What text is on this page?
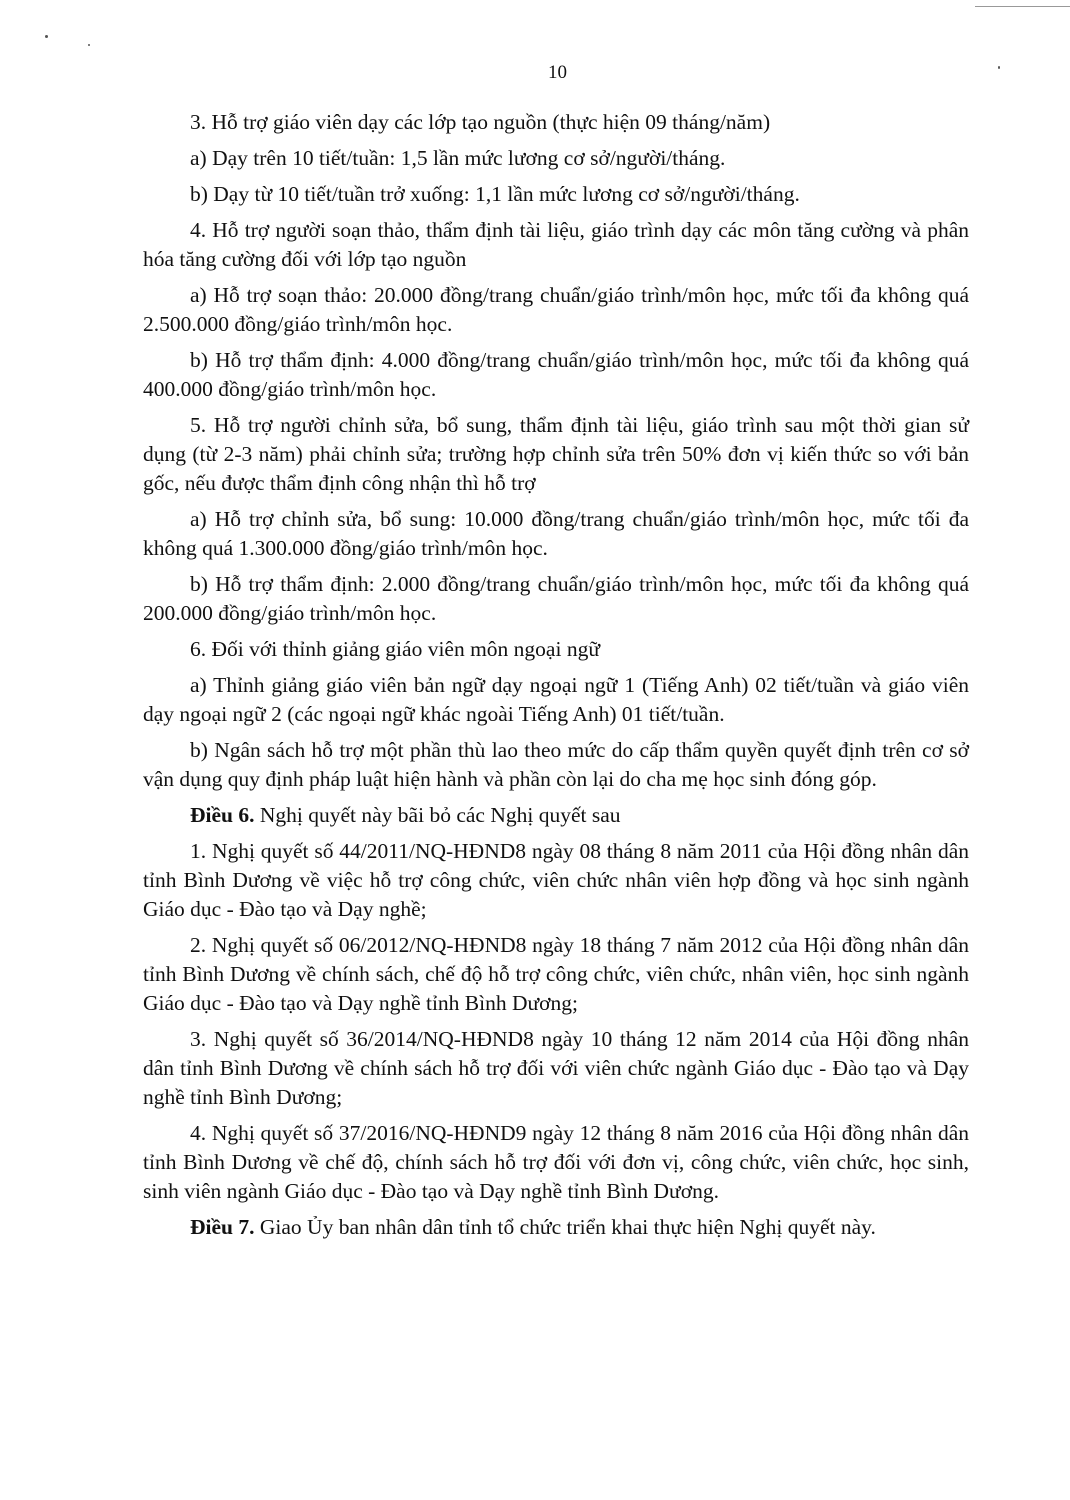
10

3. Hỗ trợ giáo viên dạy các lớp tạo nguồn (thực hiện 09 tháng/năm)

a) Dạy trên 10 tiết/tuần: 1,5 lần mức lương cơ sở/người/tháng.

b) Dạy từ 10 tiết/tuần trở xuống: 1,1 lần mức lương cơ sở/người/tháng.

4. Hỗ trợ người soạn thảo, thẩm định tài liệu, giáo trình dạy các môn tăng cường và phân hóa tăng cường đối với lớp tạo nguồn

a) Hỗ trợ soạn thảo: 20.000 đồng/trang chuẩn/giáo trình/môn học, mức tối đa không quá 2.500.000 đồng/giáo trình/môn học.

b) Hỗ trợ thẩm định: 4.000 đồng/trang chuẩn/giáo trình/môn học, mức tối đa không quá 400.000 đồng/giáo trình/môn học.

5. Hỗ trợ người chỉnh sửa, bổ sung, thẩm định tài liệu, giáo trình sau một thời gian sử dụng (từ 2-3 năm) phải chỉnh sửa; trường hợp chỉnh sửa trên 50% đơn vị kiến thức so với bản gốc, nếu được thẩm định công nhận thì hỗ trợ

a) Hỗ trợ chỉnh sửa, bổ sung: 10.000 đồng/trang chuẩn/giáo trình/môn học, mức tối đa không quá 1.300.000 đồng/giáo trình/môn học.

b) Hỗ trợ thẩm định: 2.000 đồng/trang chuẩn/giáo trình/môn học, mức tối đa không quá 200.000 đồng/giáo trình/môn học.

6. Đối với thỉnh giảng giáo viên môn ngoại ngữ

a) Thỉnh giảng giáo viên bản ngữ dạy ngoại ngữ 1 (Tiếng Anh) 02 tiết/tuần và giáo viên dạy ngoại ngữ 2 (các ngoại ngữ khác ngoài Tiếng Anh) 01 tiết/tuần.

b) Ngân sách hỗ trợ một phần thù lao theo mức do cấp thẩm quyền quyết định trên cơ sở vận dụng quy định pháp luật hiện hành và phần còn lại do cha mẹ học sinh đóng góp.

Điều 6. Nghị quyết này bãi bỏ các Nghị quyết sau

1. Nghị quyết số 44/2011/NQ-HĐND8 ngày 08 tháng 8 năm 2011 của Hội đồng nhân dân tỉnh Bình Dương về việc hỗ trợ công chức, viên chức nhân viên hợp đồng và học sinh ngành Giáo dục - Đào tạo và Dạy nghề;

2. Nghị quyết số 06/2012/NQ-HĐND8 ngày 18 tháng 7 năm 2012 của Hội đồng nhân dân tỉnh Bình Dương về chính sách, chế độ hỗ trợ công chức, viên chức, nhân viên, học sinh ngành Giáo dục - Đào tạo và Dạy nghề tỉnh Bình Dương;

3. Nghị quyết số 36/2014/NQ-HĐND8 ngày 10 tháng 12 năm 2014 của Hội đồng nhân dân tỉnh Bình Dương về chính sách hỗ trợ đối với viên chức ngành Giáo dục - Đào tạo và Dạy nghề tỉnh Bình Dương;

4. Nghị quyết số 37/2016/NQ-HĐND9 ngày 12 tháng 8 năm 2016 của Hội đồng nhân dân tỉnh Bình Dương về chế độ, chính sách hỗ trợ đối với đơn vị, công chức, viên chức, học sinh, sinh viên ngành Giáo dục - Đào tạo và Dạy nghề tỉnh Bình Dương.

Điều 7. Giao Ủy ban nhân dân tỉnh tổ chức triển khai thực hiện Nghị quyết này.
